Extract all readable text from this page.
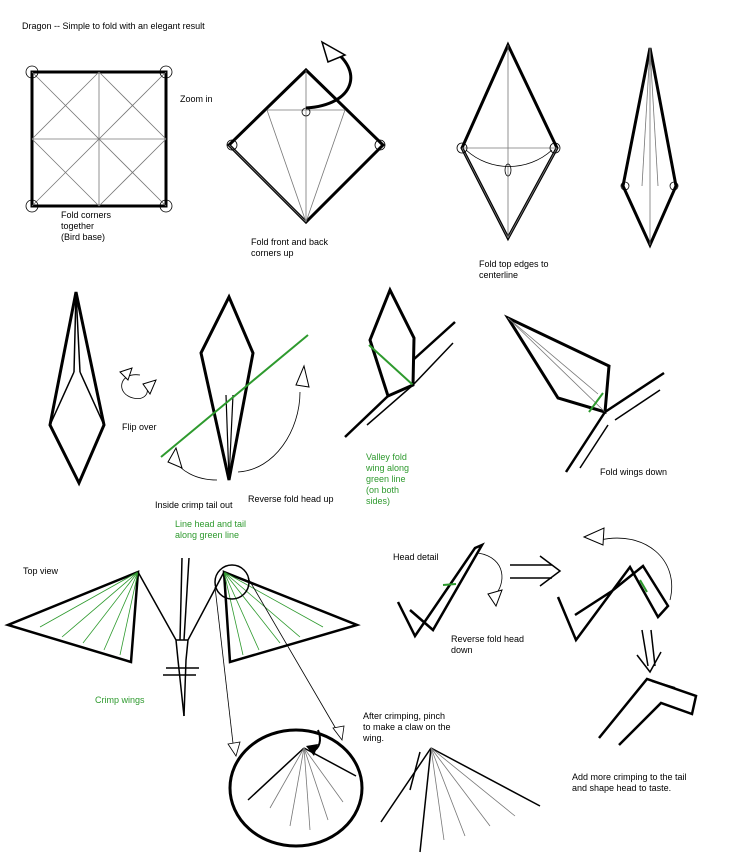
Dragon -- Simple to fold with an elegant result
Zoom in
Fold corners
together
(Bird base)	Fold front and back
corners up
Fold top edges to
centerline
Flip over
Inside crimp tail out
Reverse fold head up
Line head and tail
along green line
Valley fold
wing along
green line
(on both
sides)
Fold wings down
Top view
Crimp wings
Head detail
Reverse fold head
down
After crimping, pinch
to make a claw on the
wing.
Add more crimping to the tail
and shape head to taste.
